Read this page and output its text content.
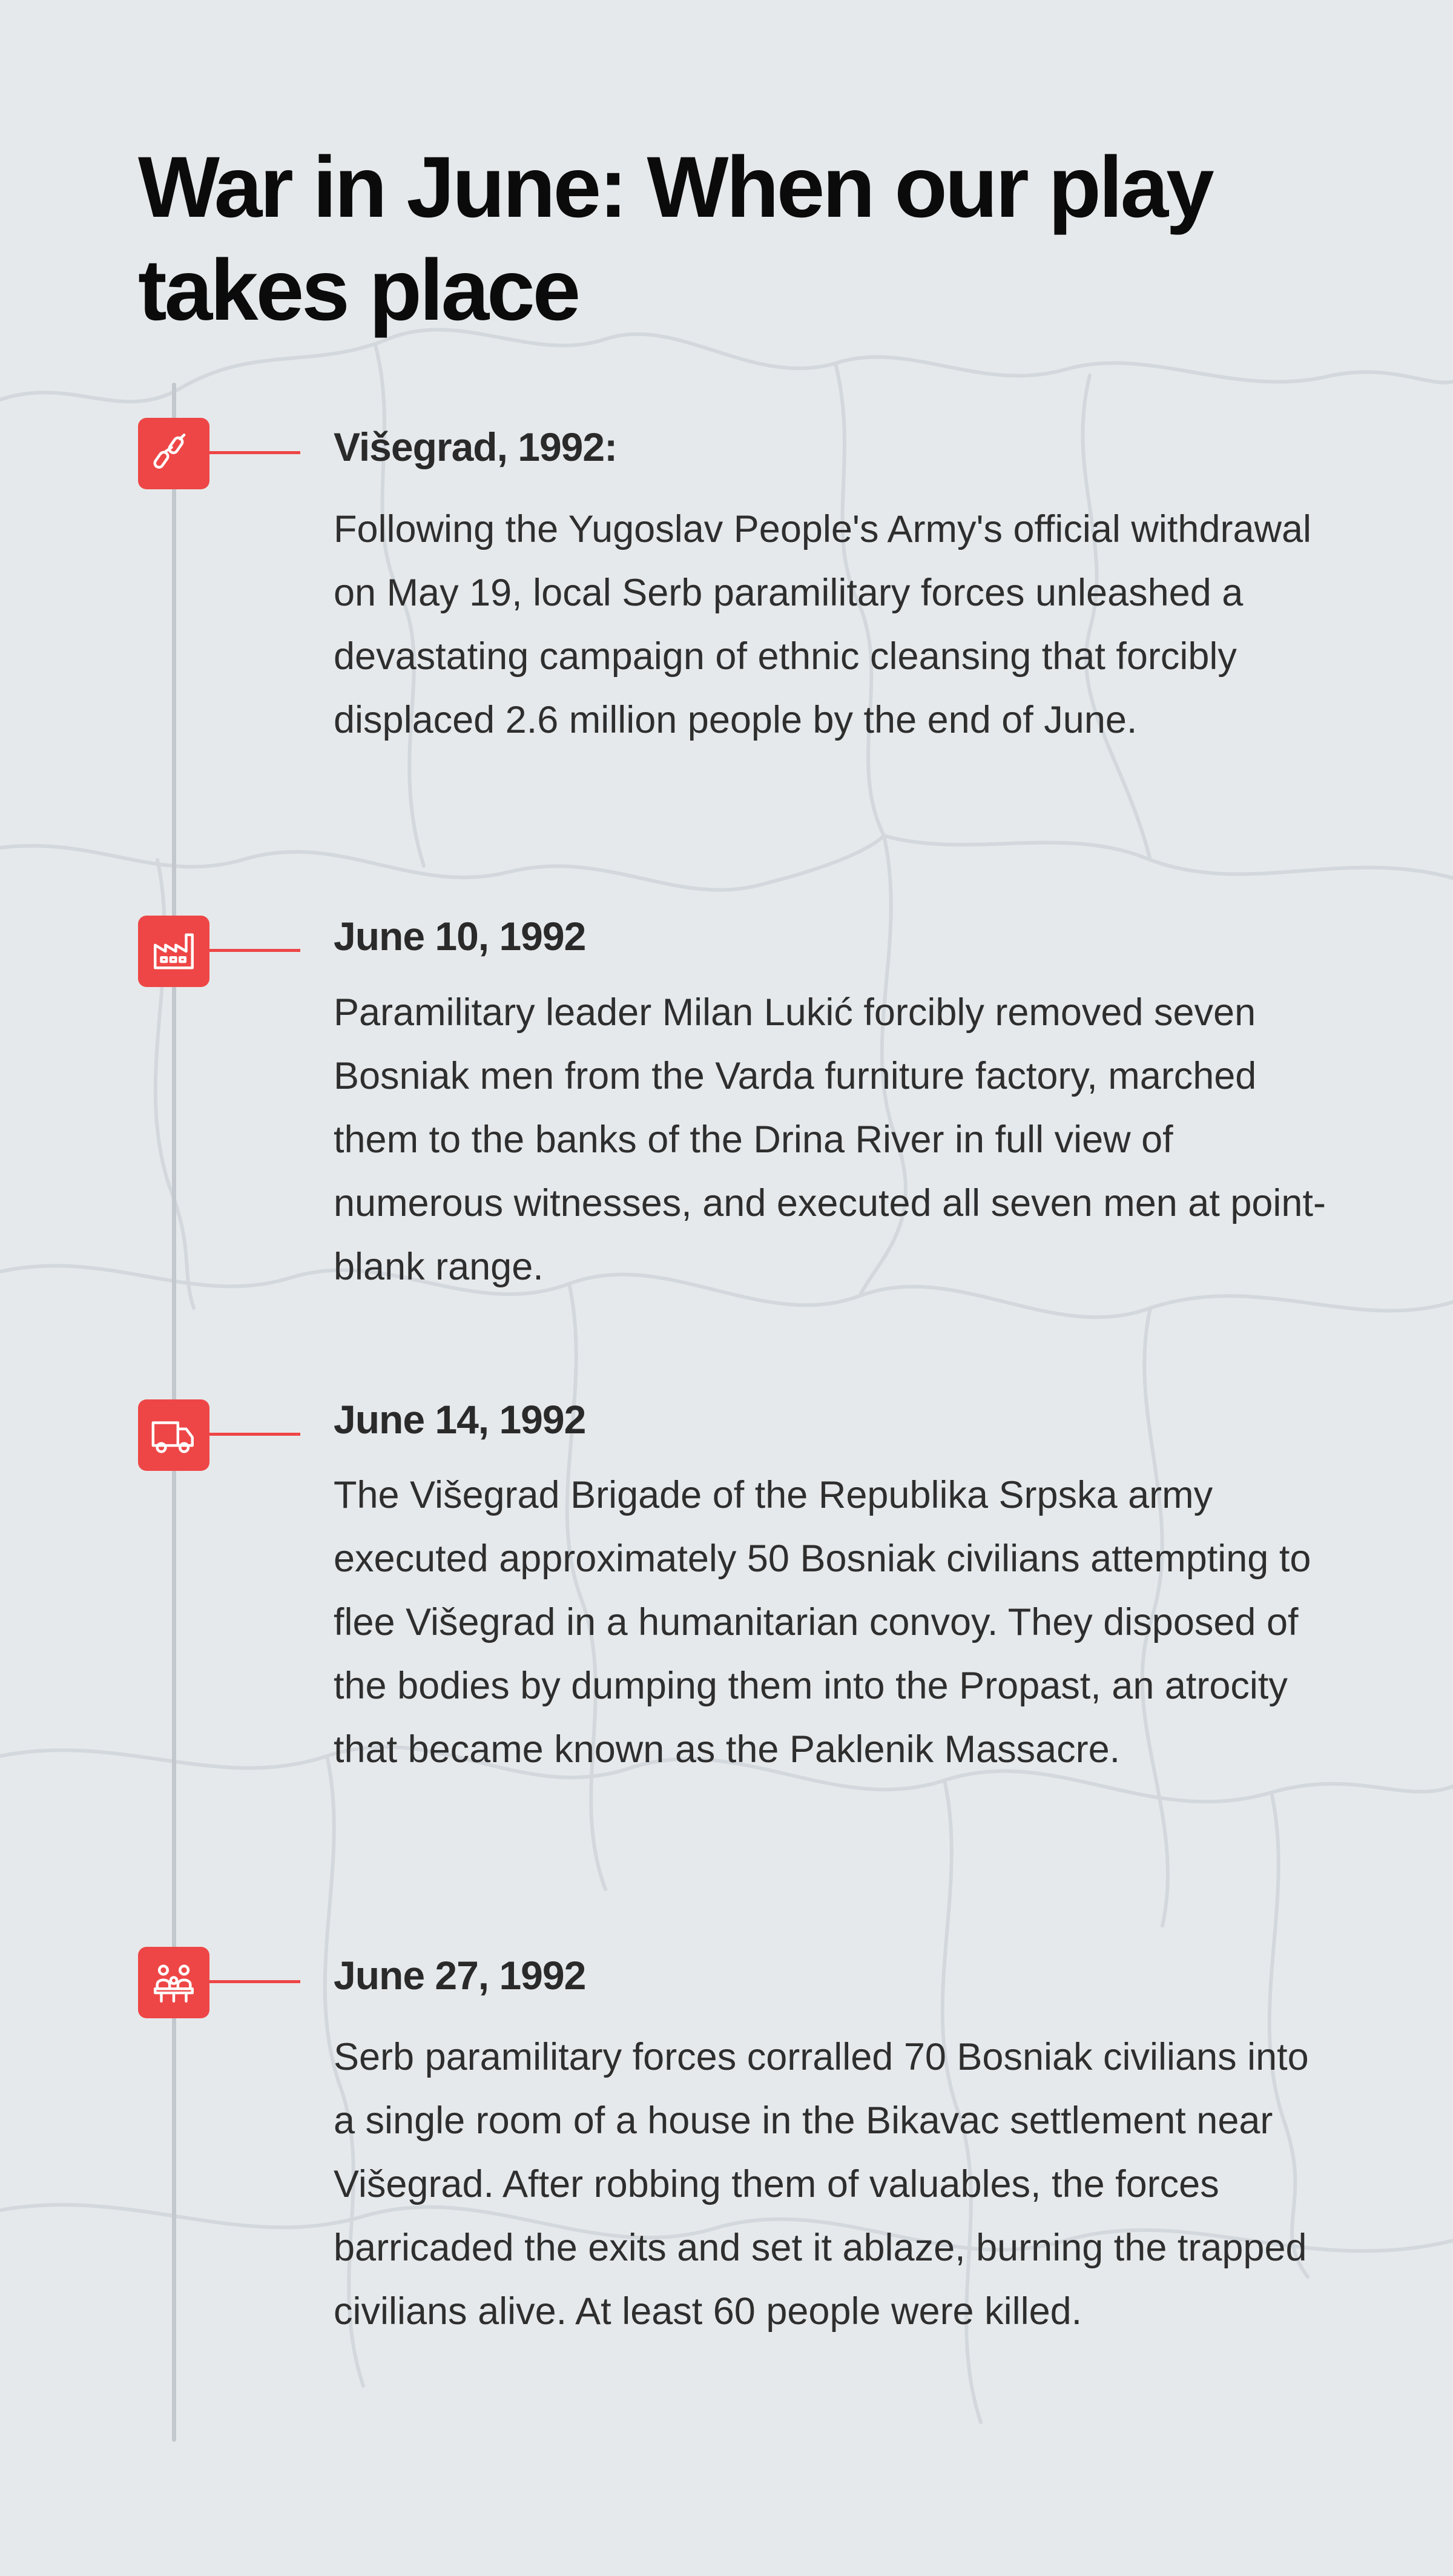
War in June: When our play takes place
Višegrad, 1992:

Following the Yugoslav People's Army's official withdrawal on May 19, local Serb paramilitary forces unleashed a devastating campaign of ethnic cleansing that forcibly displaced 2.6 million people by the end of June.

June 10, 1992

Paramilitary leader Milan Lukić forcibly removed seven Bosniak men from the Varda furniture factory, marched them to the banks of the Drina River in full view of numerous witnesses, and executed all seven men at point-blank range.

June 14, 1992

The Višegrad Brigade of the Republika Srpska army executed approximately 50 Bosniak civilians attempting to flee Višegrad in a humanitarian convoy. They disposed of the bodies by dumping them into the Propast, an atrocity that became known as the Paklenik Massacre.

June 27, 1992

Serb paramilitary forces corralled 70 Bosniak civilians into a single room of a house in the Bikavac settlement near Višegrad. After robbing them of valuables, the forces barricaded the exits and set it ablaze, burning the trapped civilians alive. At least 60 people were killed.
